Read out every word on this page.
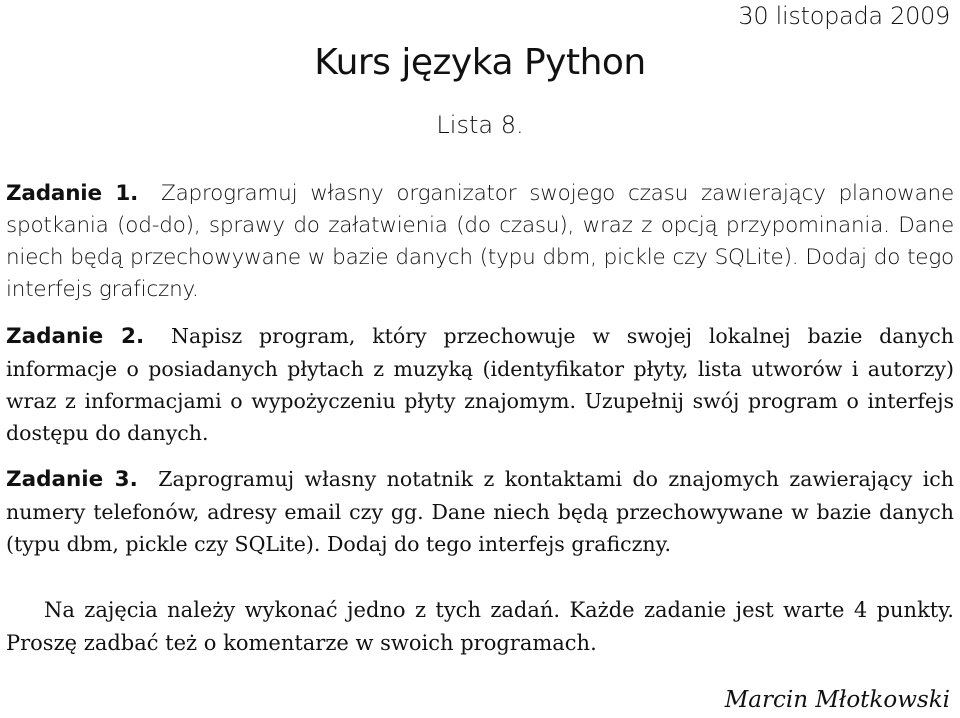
30 listopada 2009
Kurs języka Python
Lista 8.

Zadanie 1. Zaprogramuj własny organizator swojego czasu zawierający planowane spotkania (od-do), sprawy do załatwienia (do czasu), wraz z opcją przypominania. Dane niech będą przechowywane w bazie danych (typu dbm, pickle czy SQLite). Dodaj do tego interfejs graficzny.

Zadanie 2. Napisz program, który przechowuje w swojej lokalnej bazie danych informacje o posiadanych płytach z muzyką (identyfikator płyty, lista utworów i autorzy) wraz z informacjami o wypożyczeniu płyty znajomym. Uzupełnij swój program o interfejs dostępu do danych.

Zadanie 3. Zaprogramuj własny notatnik z kontaktami do znajomych zawierający ich numery telefonów, adresy email czy gg. Dane niech będą przechowywane w bazie danych (typu dbm, pickle czy SQLite). Dodaj do tego interfejs graficzny.

Na zajęcia należy wykonać jedno z tych zadań. Każde zadanie jest warte 4 punkty. Proszę zadbać też o komentarze w swoich programach.

Marcin Młotkowski
